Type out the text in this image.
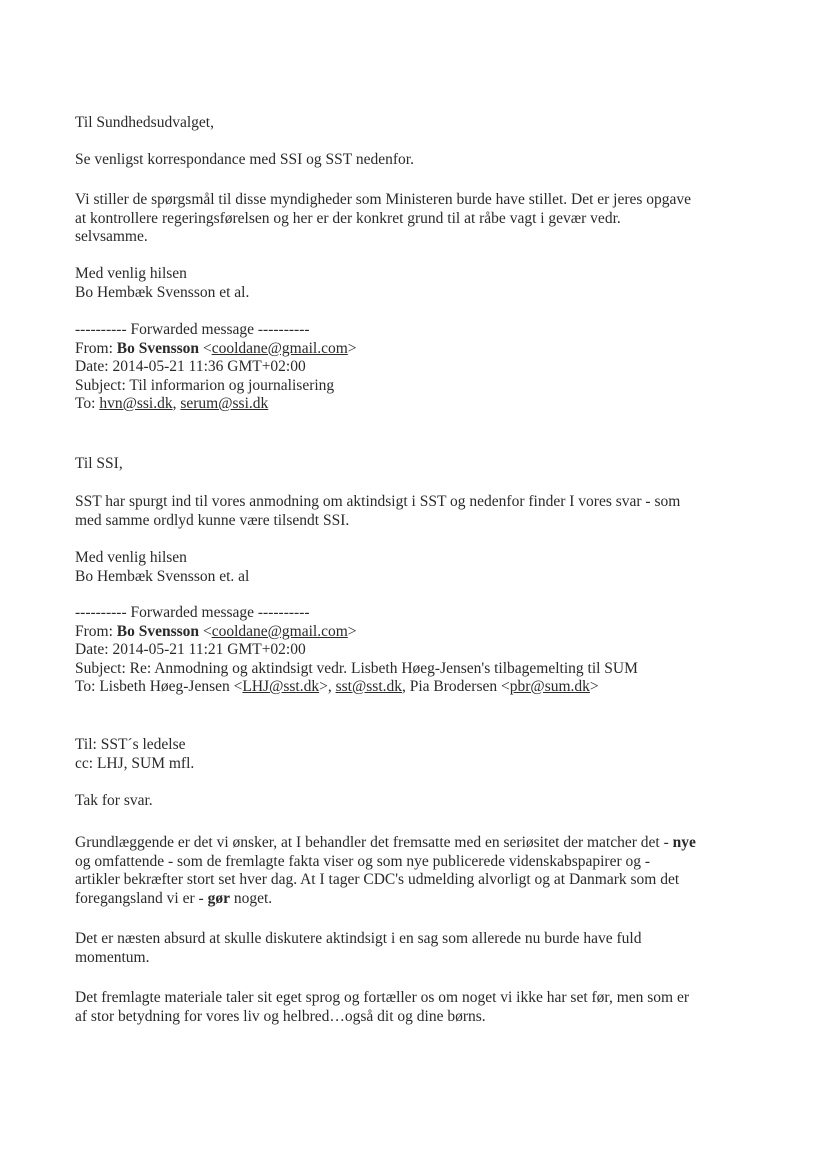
Til Sundhedsudvalget,

Se venligst korrespondance med SSI og SST nedenfor.

Vi stiller de spørgsmål til disse myndigheder som Ministeren burde have stillet. Det er jeres opgave
at kontrollere regeringsførelsen og her er der konkret grund til at råbe vagt i gevær vedr.
selvsamme.
Med venlig hilsen
Bo Hembæk Svensson et al.
---------- Forwarded message ----------
From: Bo Svensson <cooldane@gmail.com>
Date: 2014-05-21 11:36 GMT+02:00
Subject: Til informarion og journalisering
To: hvn@ssi.dk, serum@ssi.dk

Til SSI,

SST har spurgt ind til vores anmodning om aktindsigt i SST og nedenfor finder I vores svar - som
med samme ordlyd kunne være tilsendt SSI.
Med venlig hilsen
Bo Hembæk Svensson et. al
---------- Forwarded message ----------
From: Bo Svensson <cooldane@gmail.com>
Date: 2014-05-21 11:21 GMT+02:00
Subject: Re: Anmodning og aktindsigt vedr. Lisbeth Høeg-Jensen's tilbagemelting til SUM
To: Lisbeth Høeg-Jensen <LHJ@sst.dk>, sst@sst.dk, Pia Brodersen <pbr@sum.dk>
Til: SST´s ledelse
cc: LHJ, SUM mfl.

Tak for svar.

Grundlæggende er det vi ønsker, at I behandler det fremsatte med en seriøsitet der matcher det - nye
og omfattende - som de fremlagte fakta viser og som nye publicerede videnskabspapirer og -
artikler bekræfter stort set hver dag. At I tager CDC's udmelding alvorligt og at Danmark som det
foregangsland vi er - gør noget.
Det er næsten absurd at skulle diskutere aktindsigt i en sag som allerede nu burde have fuld
momentum.
Det fremlagte materiale taler sit eget sprog og fortæller os om noget vi ikke har set før, men som er
af stor betydning for vores liv og helbred…også dit og dine børns.
